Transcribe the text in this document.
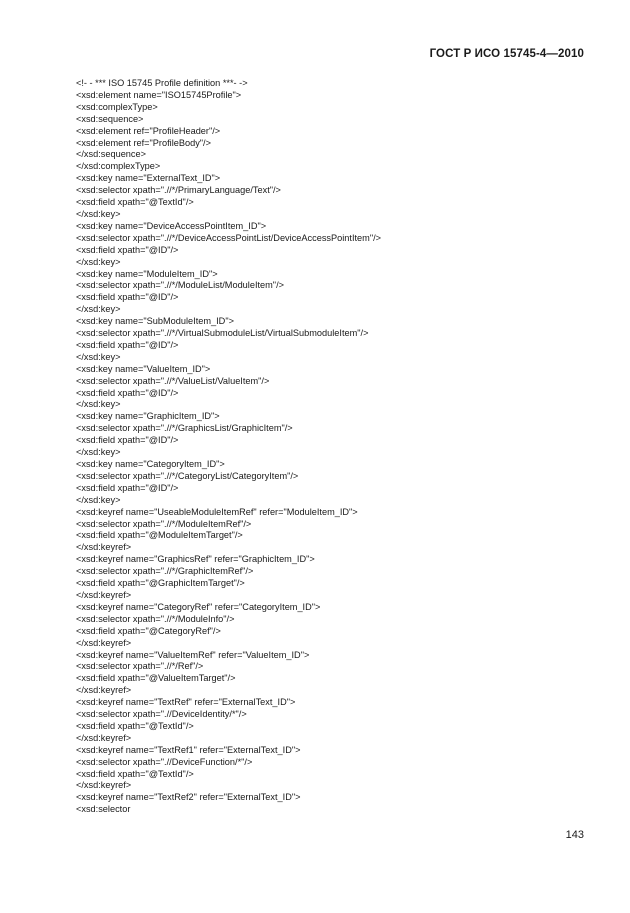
ГОСТ Р ИСО 15745-4—2010
<!- - *** ISO 15745 Profile definition ***- ->
<xsd:element name="ISO15745Profile">
<xsd:complexType>
<xsd:sequence>
<xsd:element ref="ProfileHeader"/>
<xsd:element ref="ProfileBody"/>
</xsd:sequence>
</xsd:complexType>
<xsd:key name="ExternalText_ID">
<xsd:selector xpath=".//*/PrimaryLanguage/Text"/>
<xsd:field xpath="@TextId"/>
</xsd:key>
<xsd:key name="DeviceAccessPointItem_ID">
<xsd:selector xpath=".//*/DeviceAccessPointList/DeviceAccessPointItem"/>
<xsd:field xpath="@ID"/>
</xsd:key>
<xsd:key name="ModuleItem_ID">
<xsd:selector xpath=".//*/ModuleList/ModuleItem"/>
<xsd:field xpath="@ID"/>
</xsd:key>
<xsd:key name="SubModuleItem_ID">
<xsd:selector xpath=".//*/VirtualSubmoduleList/VirtualSubmoduleItem"/>
<xsd:field xpath="@ID"/>
</xsd:key>
<xsd:key name="ValueItem_ID">
<xsd:selector xpath=".//*/ValueList/ValueItem"/>
<xsd:field xpath="@ID"/>
</xsd:key>
<xsd:key name="GraphicItem_ID">
<xsd:selector xpath=".//*/GraphicsList/GraphicItem"/>
<xsd:field xpath="@ID"/>
</xsd:key>
<xsd:key name="CategoryItem_ID">
<xsd:selector xpath=".//*/CategoryList/CategoryItem"/>
<xsd:field xpath="@ID"/>
</xsd:key>
<xsd:keyref name="UseableModuleItemRef" refer="ModuleItem_ID">
<xsd:selector xpath=".//*/ModuleItemRef"/>
<xsd:field xpath="@ModuleItemTarget"/>
</xsd:keyref>
<xsd:keyref name="GraphicsRef" refer="GraphicItem_ID">
<xsd:selector xpath=".//*/GraphicItemRef"/>
<xsd:field xpath="@GraphicItemTarget"/>
</xsd:keyref>
<xsd:keyref name="CategoryRef" refer="CategoryItem_ID">
<xsd:selector xpath=".//*/ModuleInfo"/>
<xsd:field xpath="@CategoryRef"/>
</xsd:keyref>
<xsd:keyref name="ValueItemRef" refer="ValueItem_ID">
<xsd:selector xpath=".//*/Ref"/>
<xsd:field xpath="@ValueItemTarget"/>
</xsd:keyref>
<xsd:keyref name="TextRef" refer="ExternalText_ID">
<xsd:selector xpath=".//DeviceIdentity/*"/>
<xsd:field xpath="@TextId"/>
</xsd:keyref>
<xsd:keyref name="TextRef1" refer="ExternalText_ID">
<xsd:selector xpath=".//DeviceFunction/*"/>
<xsd:field xpath="@TextId"/>
</xsd:keyref>
<xsd:keyref name="TextRef2" refer="ExternalText_ID">
<xsd:selector
143
